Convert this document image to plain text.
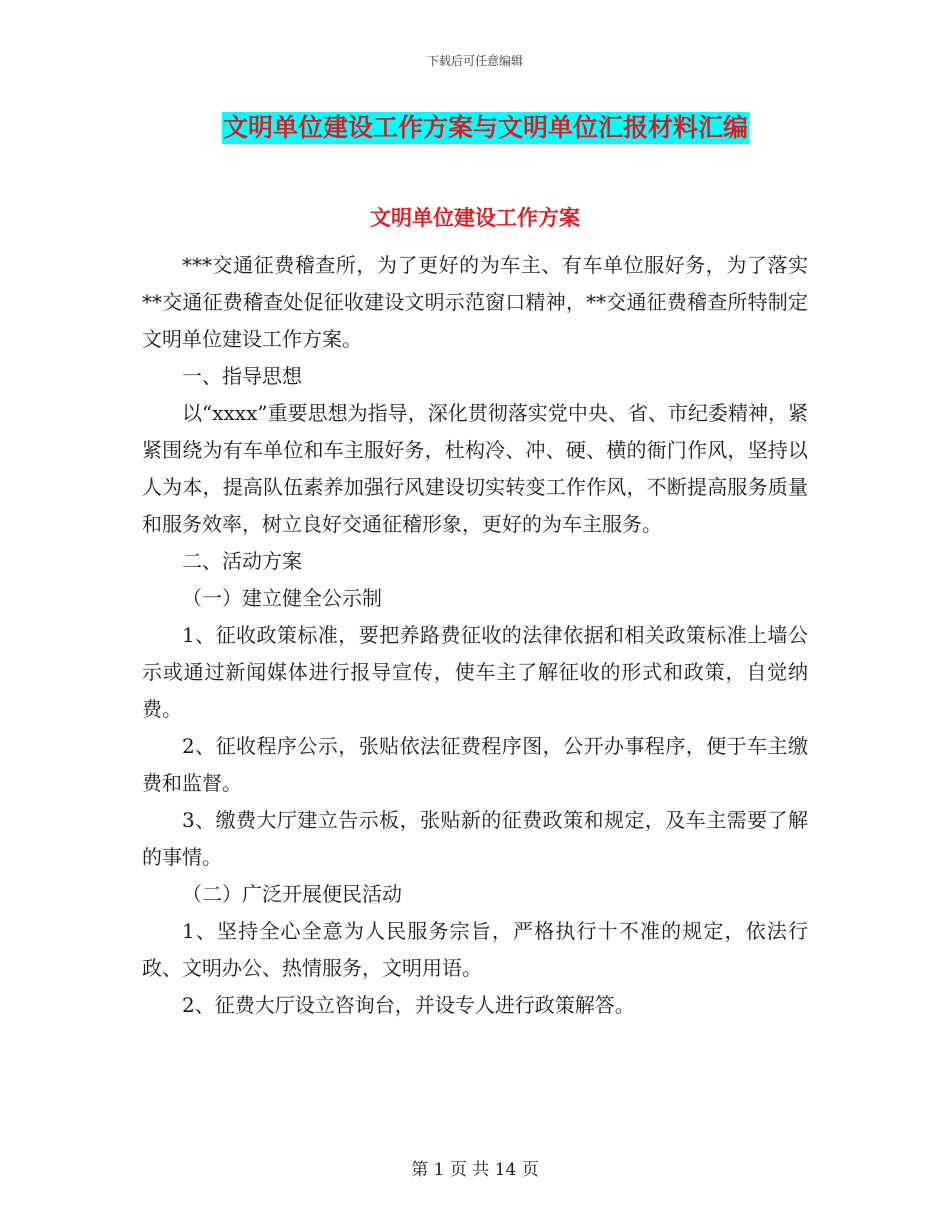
下载后可任意编辑
文明单位建设工作方案与文明单位汇报材料汇编
文明单位建设工作方案

***交通征费稽查所，为了更好的为车主、有车单位服好务，为了落实**交通征费稽查处促征收建设文明示范窗口精神，**交通征费稽查所特制定文明单位建设工作方案。

一、指导思想

以“xxxx”重要思想为指导，深化贯彻落实党中央、省、市纪委精神，紧紧围绕为有车单位和车主服好务，杜构冷、冲、硬、横的衙门作风，坚持以人为本，提高队伍素养加强行风建设切实转变工作作风，不断提高服务质量和服务效率，树立良好交通征稽形象，更好的为车主服务。

二、活动方案

（一）建立健全公示制

1、征收政策标准，要把养路费征收的法律依据和相关政策标准上墙公示或通过新闻媒体进行报导宣传，使车主了解征收的形式和政策，自觉纳费。

2、征收程序公示，张贴依法征费程序图，公开办事程序，便于车主缴费和监督。

3、缴费大厅建立告示板，张贴新的征费政策和规定，及车主需要了解的事情。

（二）广泛开展便民活动

1、坚持全心全意为人民服务宗旨，严格执行十不准的规定，依法行政、文明办公、热情服务，文明用语。

2、征费大厅设立咨询台，并设专人进行政策解答。

第 1 页 共 14 页
